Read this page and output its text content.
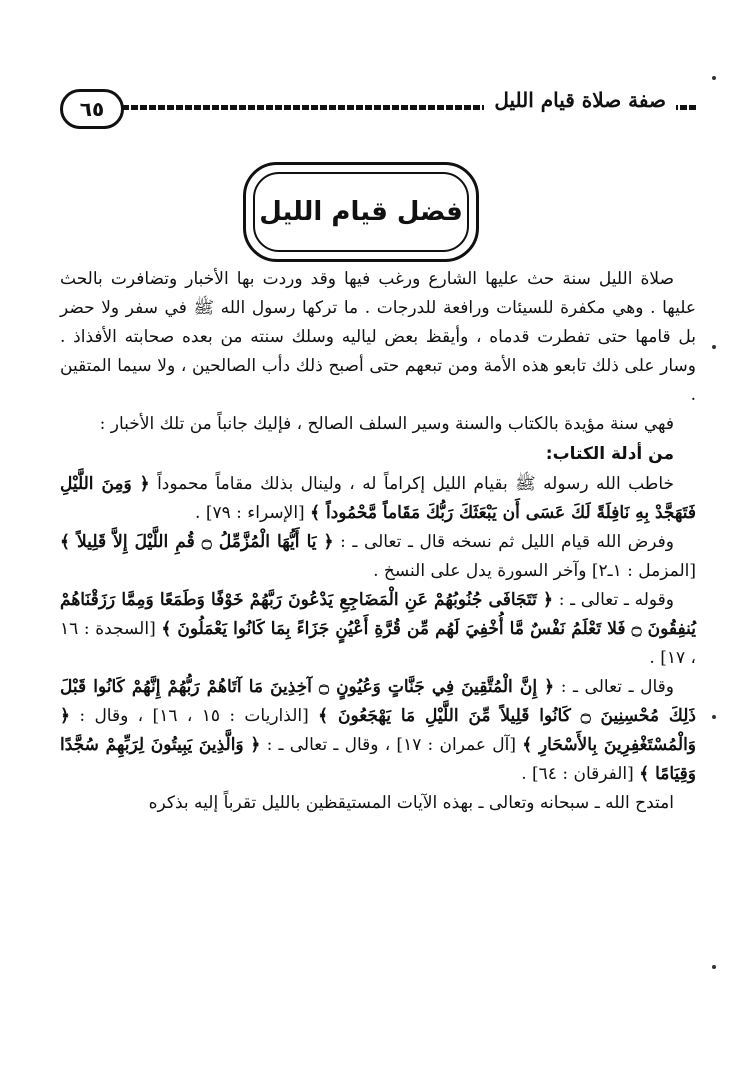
صفة صلاة قيام الليل
٦٥
فضل قيام الليل

صلاة الليل سنة حث عليها الشارع ورغب فيها وقد وردت بها الأخبار وتضافرت بالحث عليها . وهي مكفرة للسيئات ورافعة للدرجات . ما تركها رسول الله ﷺ في سفر ولا حضر بل قامها حتى تفطرت قدماه ، وأيقظ بعض لياليه وسلك سنته من بعده صحابته الأفذاذ . وسار على ذلك تابعو هذه الأمة ومن تبعهم حتى أصبح ذلك دأب الصالحين ، ولا سيما المتقين .

فهي سنة مؤيدة بالكتاب والسنة وسير السلف الصالح ، فإليك جانباً من تلك الأخبار :

من أدلة الكتاب:

خاطب الله رسوله ﷺ بقيام الليل إكراماً له ، ولينال بذلك مقاماً محموداً ﴿ وَمِنَ اللَّيْلِ فَتَهَجَّدْ بِهِ نَافِلَةً لَكَ عَسَى أَن يَبْعَثَكَ رَبُّكَ مَقَاماً مَّحْمُوداً ﴾ [الإسراء : ٧٩] .

وفرض الله قيام الليل ثم نسخه قال ـ تعالى ـ : ﴿ يَا أَيُّهَا الْمُزَّمِّلُ ۝ قُمِ اللَّيْلَ إِلاَّ قَلِيلاً ﴾ [المزمل : ١ـ٢] وآخر السورة يدل على النسخ .

وقوله ـ تعالى ـ : ﴿ تَتَجَافَى جُنُوبُهُمْ عَنِ الْمَضَاجِعِ يَدْعُونَ رَبَّهُمْ خَوْفًا وَطَمَعًا وَمِمَّا رَزَقْنَاهُمْ يُنفِقُونَ ۝ فَلا تَعْلَمُ نَفْسٌ مَّا أُخْفِيَ لَهُم مِّن قُرَّةِ أَعْيُنٍ جَزَاءً بِمَا كَانُوا يَعْمَلُونَ ﴾ [السجدة : ١٦ ، ١٧] .

وقال ـ تعالى ـ : ﴿ إِنَّ الْمُتَّقِينَ فِي جَنَّاتٍ وَعُيُونٍ ۝ آخِذِينَ مَا آتَاهُمْ رَبُّهُمْ إِنَّهُمْ كَانُوا قَبْلَ ذَلِكَ مُحْسِنِينَ ۝ كَانُوا قَلِيلاً مِّنَ اللَّيْلِ مَا يَهْجَعُونَ ﴾ [الذاريات : ١٥ ، ١٦] ، وقال : ﴿ وَالْمُسْتَغْفِرِينَ بِالأَسْحَارِ ﴾ [آل عمران : ١٧] ، وقال ـ تعالى ـ : ﴿ وَالَّذِينَ يَبِيتُونَ لِرَبِّهِمْ سُجَّدًا وَقِيَامًا ﴾ [الفرقان : ٦٤] .

امتدح الله ـ سبحانه وتعالى ـ بهذه الآيات المستيقظين بالليل تقرباً إليه بذكره
